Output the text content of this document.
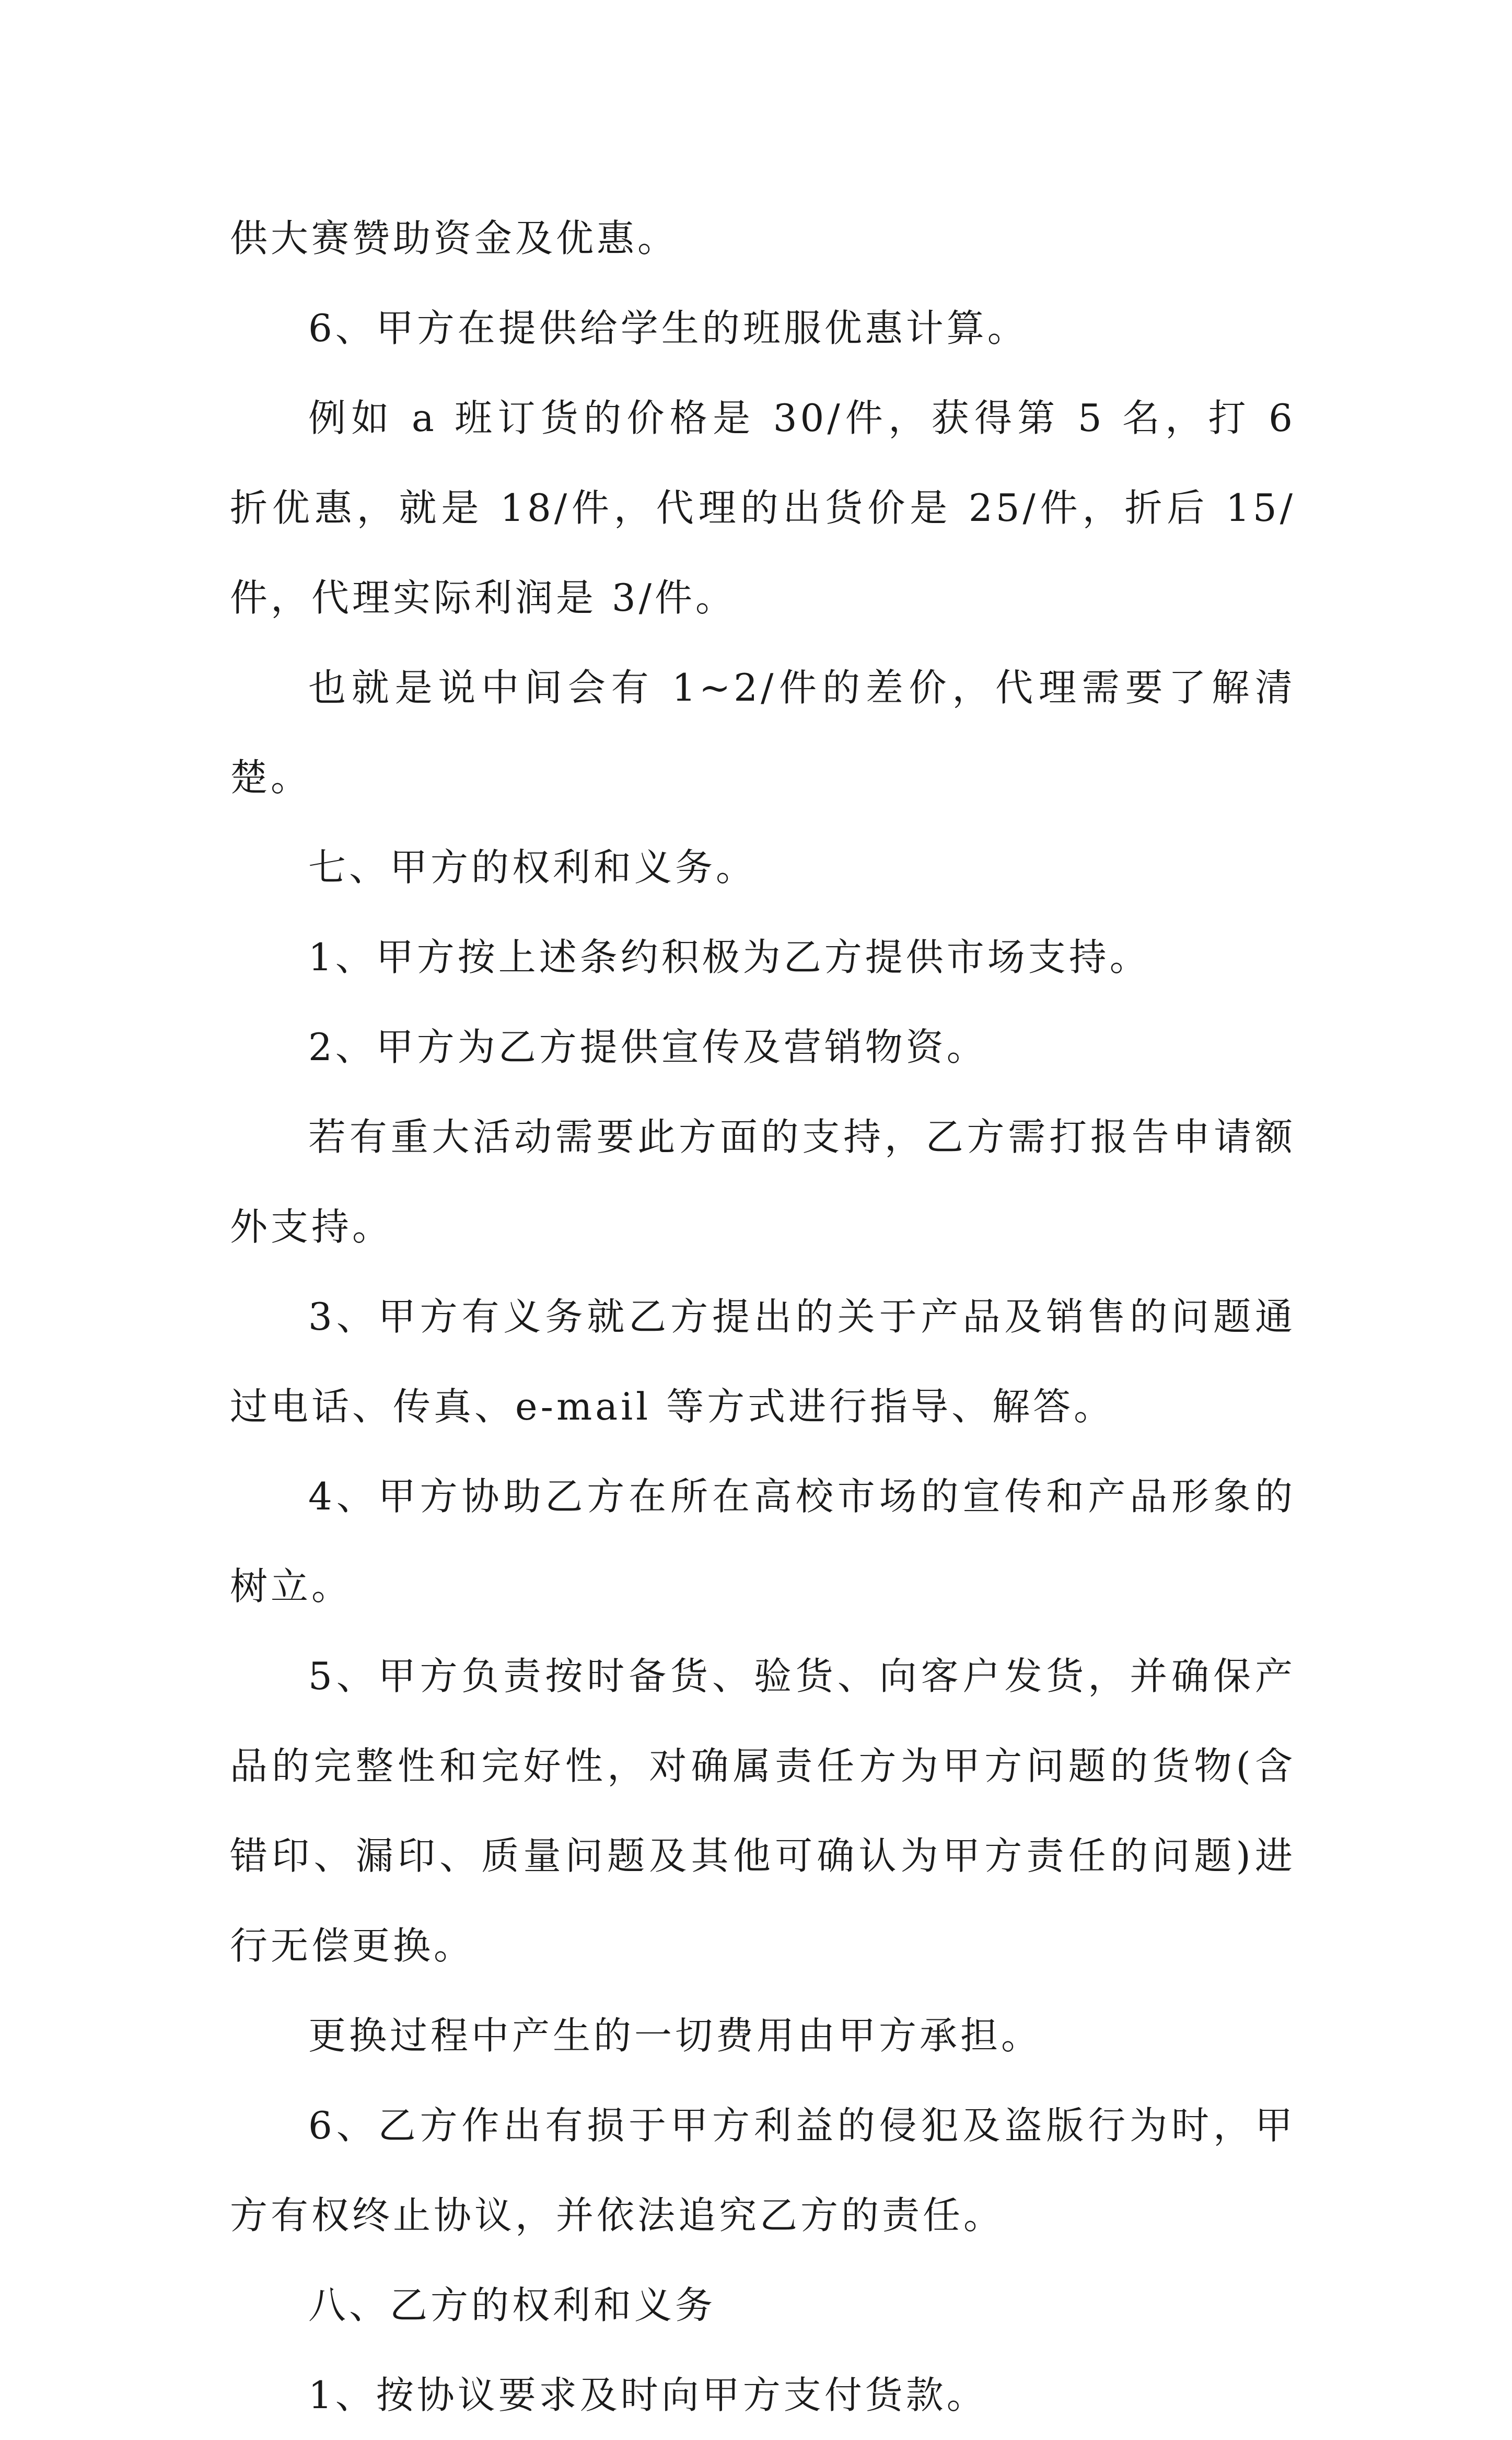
供大赛赞助资金及优惠。

6、甲方在提供给学生的班服优惠计算。

例如 a 班订货的价格是 30/件，获得第 5 名，打 6 折优惠，就是 18/件，代理的出货价是 25/件，折后 15/件，代理实际利润是 3/件。

也就是说中间会有 1~2/件的差价，代理需要了解清楚。

七、甲方的权利和义务。

1、甲方按上述条约积极为乙方提供市场支持。

2、甲方为乙方提供宣传及营销物资。

若有重大活动需要此方面的支持，乙方需打报告申请额外支持。

3、甲方有义务就乙方提出的关于产品及销售的问题通过电话、传真、e-mail 等方式进行指导、解答。

4、甲方协助乙方在所在高校市场的宣传和产品形象的树立。

5、甲方负责按时备货、验货、向客户发货，并确保产品的完整性和完好性，对确属责任方为甲方问题的货物(含错印、漏印、质量问题及其他可确认为甲方责任的问题)进行无偿更换。

更换过程中产生的一切费用由甲方承担。

6、乙方作出有损于甲方利益的侵犯及盗版行为时，甲方有权终止协议，并依法追究乙方的责任。

八、乙方的权利和义务

1、按协议要求及时向甲方支付货款。
